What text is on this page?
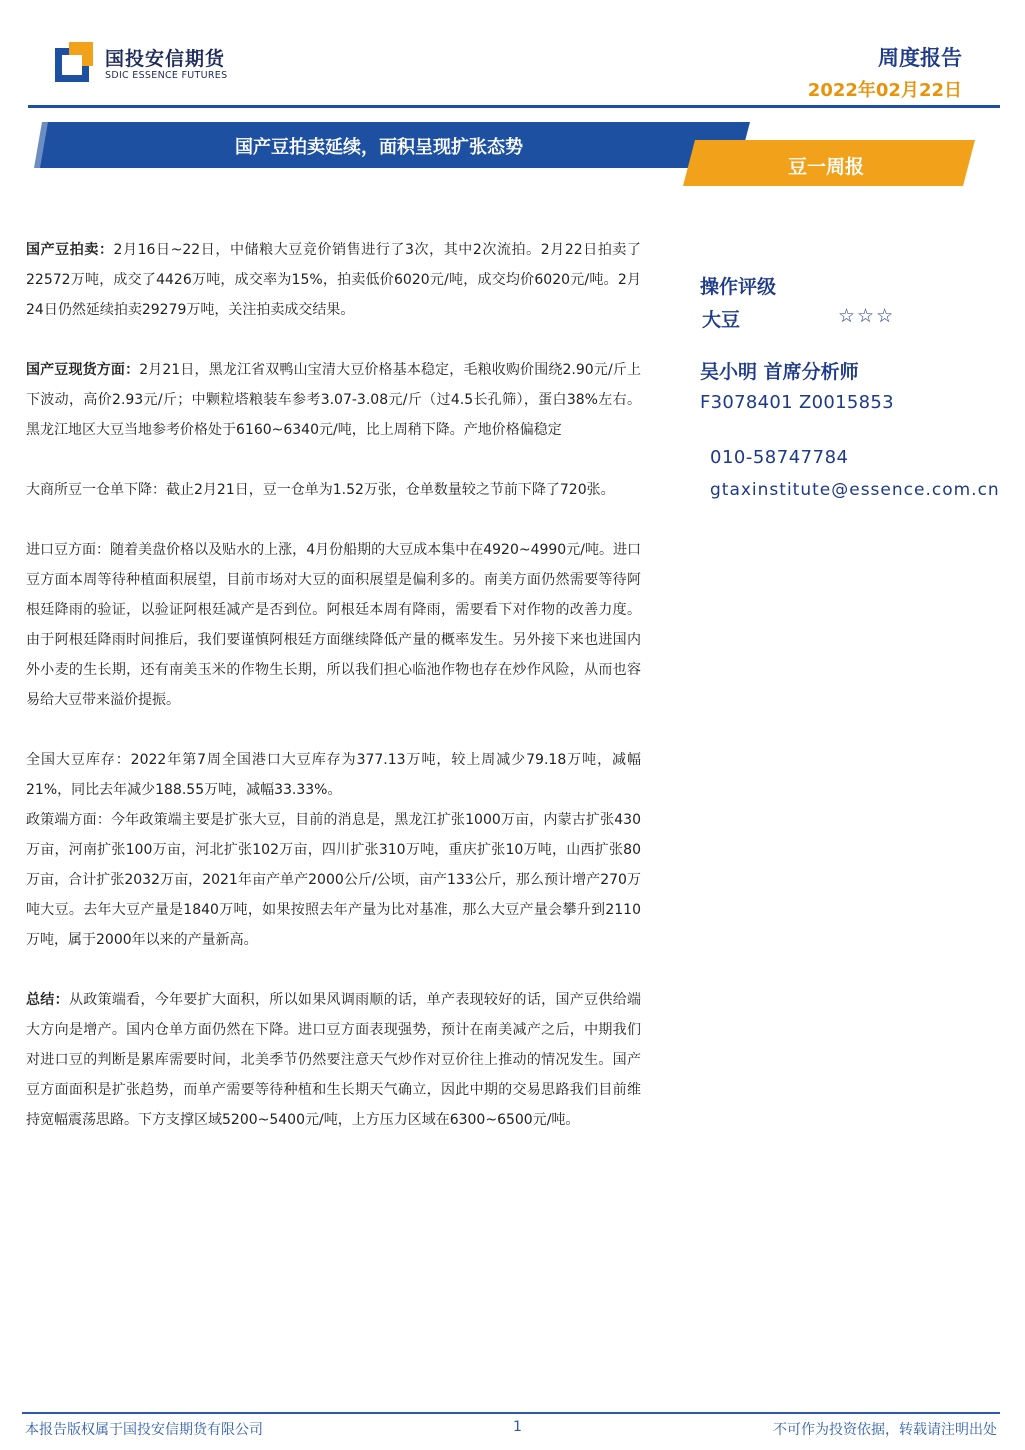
国投安信期货
SDIC ESSENCE FUTURES
周度报告
2022年02月22日
国产豆拍卖延续，面积呈现扩张态势
豆一周报

国产豆拍卖：2月16日~22日，中储粮大豆竞价销售进行了3次，其中2次流拍。2月22日拍卖了22572万吨，成交了4426万吨，成交率为15%，拍卖低价6020元/吨，成交均价6020元/吨。2月24日仍然延续拍卖29279万吨，关注拍卖成交结果。

国产豆现货方面：2月21日，黑龙江省双鸭山宝清大豆价格基本稳定，毛粮收购价围绕2.90元/斤上下波动，高价2.93元/斤；中颗粒塔粮装车参考3.07-3.08元/斤（过4.5长孔筛），蛋白38%左右。黑龙江地区大豆当地参考价格处于6160~6340元/吨，比上周稍下降。产地价格偏稳定

大商所豆一仓单下降：截止2月21日，豆一仓单为1.52万张，仓单数量较之节前下降了720张。

进口豆方面：随着美盘价格以及贴水的上涨，4月份船期的大豆成本集中在4920~4990元/吨。进口豆方面本周等待种植面积展望，目前市场对大豆的面积展望是偏利多的。南美方面仍然需要等待阿根廷降雨的验证，以验证阿根廷减产是否到位。阿根廷本周有降雨，需要看下对作物的改善力度。由于阿根廷降雨时间推后，我们要谨慎阿根廷方面继续降低产量的概率发生。另外接下来也进国内外小麦的生长期，还有南美玉米的作物生长期，所以我们担心临池作物也存在炒作风险，从而也容易给大豆带来溢价提振。

全国大豆库存：2022年第7周全国港口大豆库存为377.13万吨，较上周减少79.18万吨，减幅21%，同比去年减少188.55万吨，减幅33.33%。

政策端方面：今年政策端主要是扩张大豆，目前的消息是，黑龙江扩张1000万亩，内蒙古扩张430万亩，河南扩张100万亩，河北扩张102万亩，四川扩张310万吨，重庆扩张10万吨，山西扩张80万亩，合计扩张2032万亩，2021年亩产单产2000公斤/公顷，亩产133公斤，那么预计增产270万吨大豆。去年大豆产量是1840万吨，如果按照去年产量为比对基准，那么大豆产量会攀升到2110万吨，属于2000年以来的产量新高。

总结：从政策端看，今年要扩大面积，所以如果风调雨顺的话，单产表现较好的话，国产豆供给端大方向是增产。国内仓单方面仍然在下降。进口豆方面表现强势，预计在南美减产之后，中期我们对进口豆的判断是累库需要时间，北美季节仍然要注意天气炒作对豆价往上推动的情况发生。国产豆方面面积是扩张趋势，而单产需要等待种植和生长期天气确立，因此中期的交易思路我们目前维持宽幅震荡思路。下方支撑区域5200~5400元/吨，上方压力区域在6300~6500元/吨。

操作评级
大豆	☆☆☆
吴小明 首席分析师
F3078401 Z0015853
010-58747784
gtaxinstitute@essence.com.cn
本报告版权属于国投安信期货有限公司	1	不可作为投资依据，转载请注明出处
